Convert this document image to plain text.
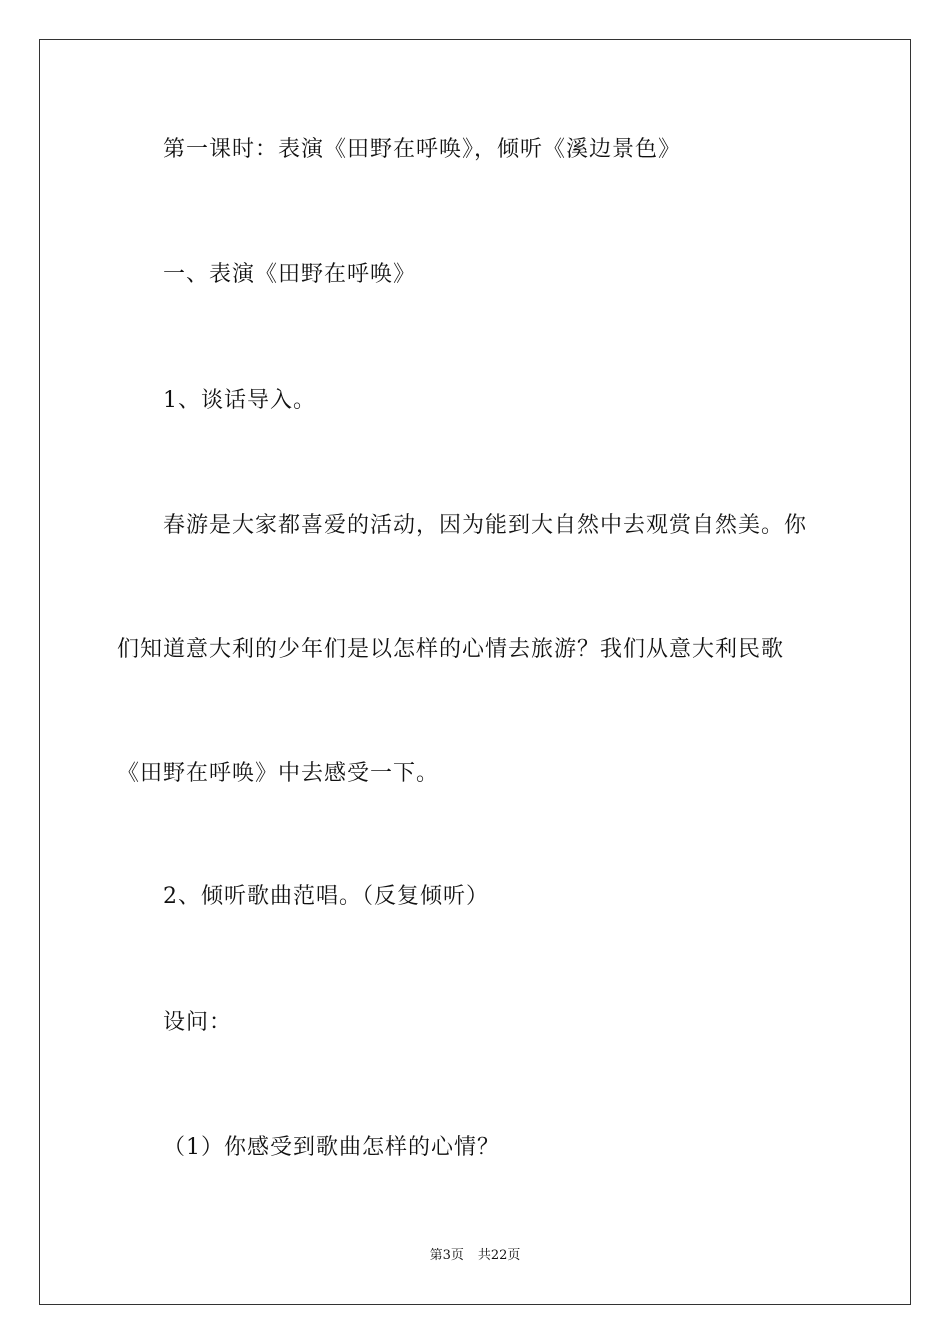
第一课时：表演《田野在呼唤》，倾听《溪边景色》
一、表演《田野在呼唤》
1、谈话导入。
春游是大家都喜爱的活动，因为能到大自然中去观赏自然美。你
们知道意大利的少年们是以怎样的心情去旅游？我们从意大利民歌
《田野在呼唤》中去感受一下。
2、倾听歌曲范唱。（反复倾听）
设问：
（1）你感受到歌曲怎样的心情？
第3页 共22页
